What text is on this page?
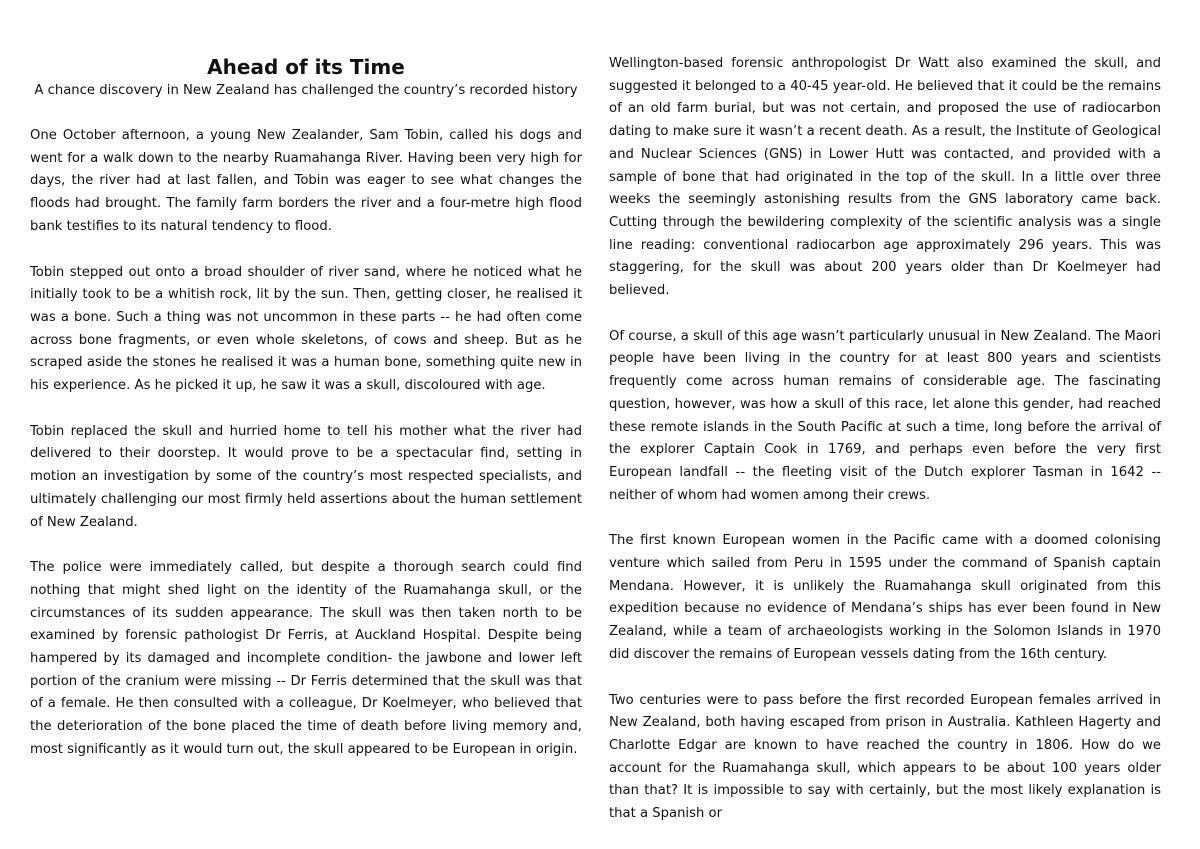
Ahead of its Time

A chance discovery in New Zealand has challenged the country’s recorded history

One October afternoon, a young New Zealander, Sam Tobin, called his dogs and went for a walk down to the nearby Ruamahanga River. Having been very high for days, the river had at last fallen, and Tobin was eager to see what changes the floods had brought. The family farm borders the river and a four-metre high flood bank testifies to its natural tendency to flood.

Tobin stepped out onto a broad shoulder of river sand, where he noticed what he initially took to be a whitish rock, lit by the sun. Then, getting closer, he realised it was a bone. Such a thing was not uncommon in these parts -- he had often come across bone fragments, or even whole skeletons, of cows and sheep. But as he scraped aside the stones he realised it was a human bone, something quite new in his experience. As he picked it up, he saw it was a skull, discoloured with age.

Tobin replaced the skull and hurried home to tell his mother what the river had delivered to their doorstep. It would prove to be a spectacular find, setting in motion an investigation by some of the country’s most respected specialists, and ultimately challenging our most firmly held assertions about the human settlement of New Zealand.

The police were immediately called, but despite a thorough search could find nothing that might shed light on the identity of the Ruamahanga skull, or the circumstances of its sudden appearance. The skull was then taken north to be examined by forensic pathologist Dr Ferris, at Auckland Hospital. Despite being hampered by its damaged and incomplete condition- the jawbone and lower left portion of the cranium were missing -- Dr Ferris determined that the skull was that of a female. He then consulted with a colleague, Dr Koelmeyer, who believed that the deterioration of the bone placed the time of death before living memory and, most significantly as it would turn out, the skull appeared to be European in origin.

Wellington-based forensic anthropologist Dr Watt also examined the skull, and suggested it belonged to a 40-45 year-old. He believed that it could be the remains of an old farm burial, but was not certain, and proposed the use of radiocarbon dating to make sure it wasn’t a recent death. As a result, the Institute of Geological and Nuclear Sciences (GNS) in Lower Hutt was contacted, and provided with a sample of bone that had originated in the top of the skull. In a little over three weeks the seemingly astonishing results from the GNS laboratory came back. Cutting through the bewildering complexity of the scientific analysis was a single line reading: conventional radiocarbon age approximately 296 years. This was staggering, for the skull was about 200 years older than Dr Koelmeyer had believed.

Of course, a skull of this age wasn’t particularly unusual in New Zealand. The Maori people have been living in the country for at least 800 years and scientists frequently come across human remains of considerable age. The fascinating question, however, was how a skull of this race, let alone this gender, had reached these remote islands in the South Pacific at such a time, long before the arrival of the explorer Captain Cook in 1769, and perhaps even before the very first European landfall -- the fleeting visit of the Dutch explorer Tasman in 1642 -- neither of whom had women among their crews.

The first known European women in the Pacific came with a doomed colonising venture which sailed from Peru in 1595 under the command of Spanish captain Mendana. However, it is unlikely the Ruamahanga skull originated from this expedition because no evidence of Mendana’s ships has ever been found in New Zealand, while a team of archaeologists working in the Solomon Islands in 1970 did discover the remains of European vessels dating from the 16th century.

Two centuries were to pass before the first recorded European females arrived in New Zealand, both having escaped from prison in Australia. Kathleen Hagerty and Charlotte Edgar are known to have reached the country in 1806. How do we account for the Ruamahanga skull, which appears to be about 100 years older than that? It is impossible to say with certainly, but the most likely explanation is that a Spanish or
